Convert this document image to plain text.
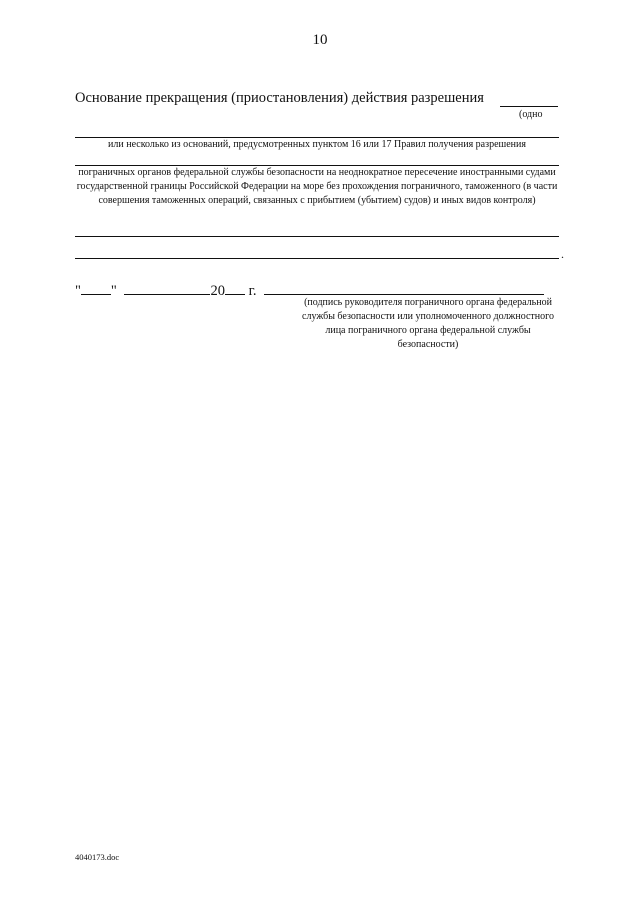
10
Основание прекращения (приостановления) действия разрешения
(одно
или несколько из оснований, предусмотренных пунктом 16 или 17 Правил получения разрешения
пограничных органов федеральной службы безопасности на неоднократное пересечение иностранными судами государственной границы Российской Федерации на море без прохождения пограничного, таможенного (в части совершения таможенных операций, связанных с прибытием (убытием) судов) и иных видов контроля)
.
" "	20 г.
(подпись руководителя пограничного органа федеральной службы безопасности или уполномоченного должностного лица пограничного органа федеральной службы безопасности)
4040173.doc
